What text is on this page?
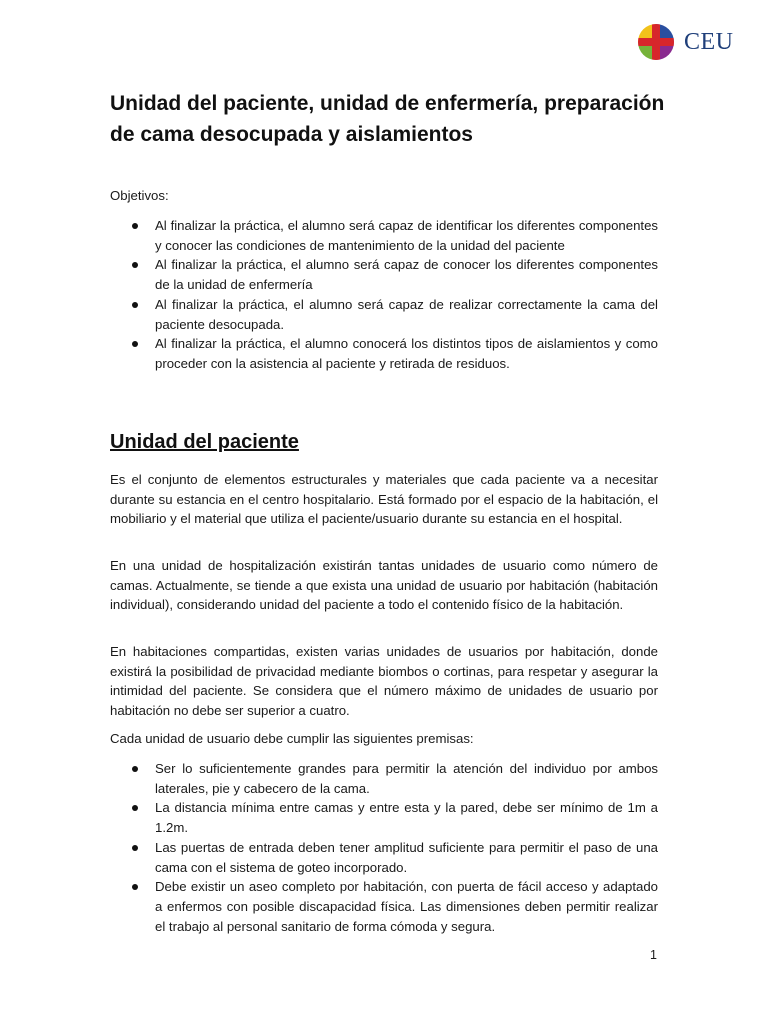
CEU
Unidad del paciente, unidad de enfermería, preparación de cama desocupada y aislamientos

Objetivos:

Al finalizar la práctica, el alumno será capaz de identificar los diferentes componentes y conocer las condiciones de mantenimiento de la unidad del paciente
Al finalizar la práctica, el alumno será capaz de conocer los diferentes componentes de la unidad de enfermería
Al finalizar la práctica, el alumno será capaz de realizar correctamente la cama del paciente desocupada.
Al finalizar la práctica, el alumno conocerá los distintos tipos de aislamientos y como proceder con la asistencia al paciente y retirada de residuos.
Unidad del paciente

Es el conjunto de elementos estructurales y materiales que cada paciente va a necesitar durante su estancia en el centro hospitalario. Está formado por el espacio de la habitación, el mobiliario y el material que utiliza el paciente/usuario durante su estancia en el hospital.

En una unidad de hospitalización existirán tantas unidades de usuario como número de camas. Actualmente, se tiende a que exista una unidad de usuario por habitación (habitación individual), considerando unidad del paciente a todo el contenido físico de la habitación.

En habitaciones compartidas, existen varias unidades de usuarios por habitación, donde existirá la posibilidad de privacidad mediante biombos o cortinas, para respetar y asegurar la intimidad del paciente. Se considera que el número máximo de unidades de usuario por habitación no debe ser superior a cuatro.

Cada unidad de usuario debe cumplir las siguientes premisas:

Ser lo suficientemente grandes para permitir la atención del individuo por ambos laterales, pie y cabecero de la cama.
La distancia mínima entre camas y entre esta y la pared, debe ser mínimo de 1m a 1.2m.
Las puertas de entrada deben tener amplitud suficiente para permitir el paso de una cama con el sistema de goteo incorporado.
Debe existir un aseo completo por habitación, con puerta de fácil acceso y adaptado a enfermos con posible discapacidad física. Las dimensiones deben permitir realizar el trabajo al personal sanitario de forma cómoda y segura.

1
